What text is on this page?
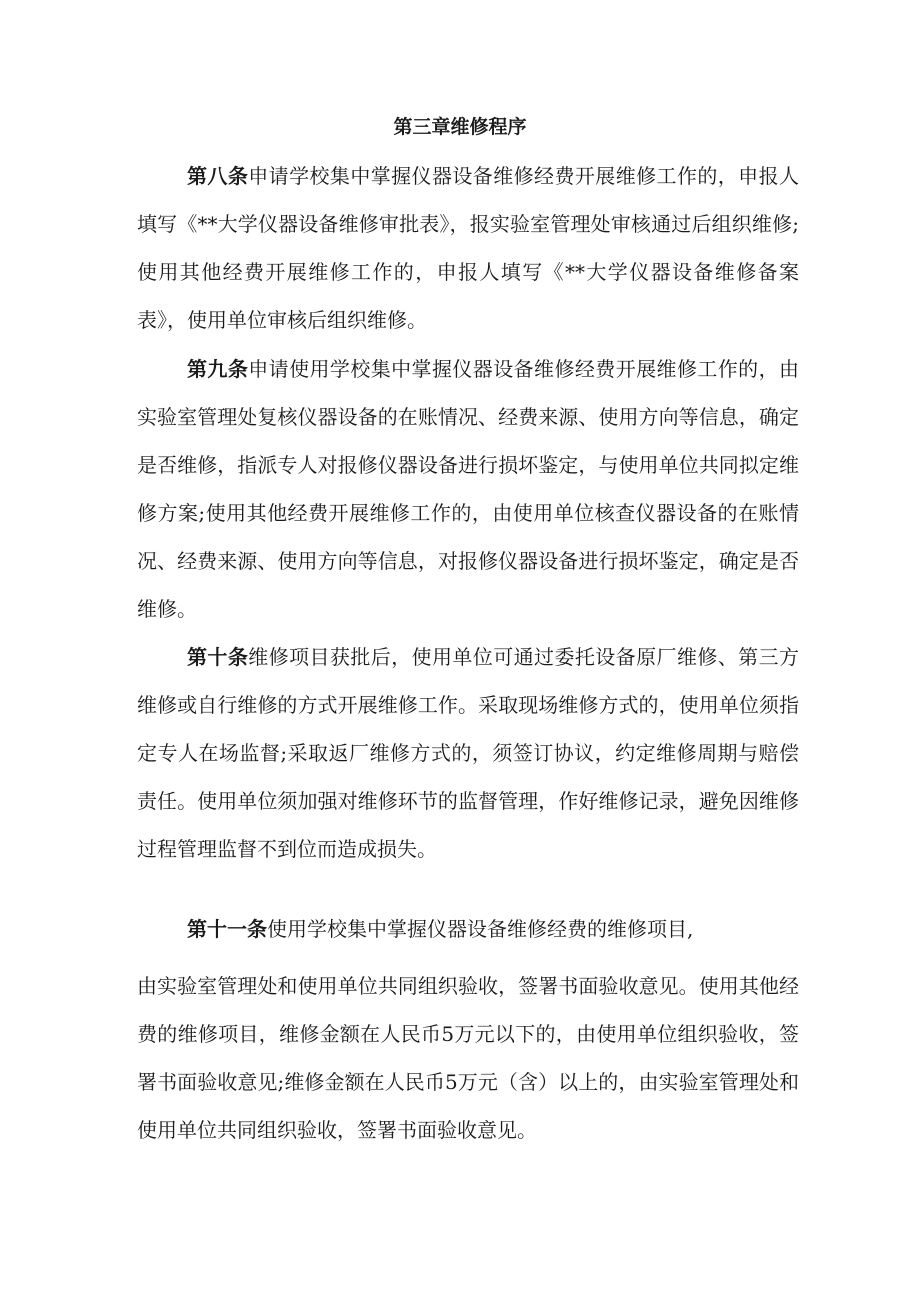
第三章维修程序

第八条申请学校集中掌握仪器设备维修经费开展维修工作的，申报人填写《**大学仪器设备维修审批表》，报实验室管理处审核通过后组织维修;使用其他经费开展维修工作的，申报人填写《**大学仪器设备维修备案表》，使用单位审核后组织维修。

第九条申请使用学校集中掌握仪器设备维修经费开展维修工作的，由实验室管理处复核仪器设备的在账情况、经费来源、使用方向等信息，确定是否维修，指派专人对报修仪器设备进行损坏鉴定，与使用单位共同拟定维修方案;使用其他经费开展维修工作的，由使用单位核查仪器设备的在账情况、经费来源、使用方向等信息，对报修仪器设备进行损坏鉴定，确定是否维修。

第十条维修项目获批后，使用单位可通过委托设备原厂维修、第三方维修或自行维修的方式开展维修工作。采取现场维修方式的，使用单位须指定专人在场监督;采取返厂维修方式的，须签订协议，约定维修周期与赔偿责任。使用单位须加强对维修环节的监督管理，作好维修记录，避免因维修过程管理监督不到位而造成损失。

第十一条使用学校集中掌握仪器设备维修经费的维修项目,

由实验室管理处和使用单位共同组织验收，签署书面验收意见。使用其他经费的维修项目，维修金额在人民币5万元以下的，由使用单位组织验收，签署书面验收意见;维修金额在人民币5万元（含）以上的，由实验室管理处和使用单位共同组织验收，签署书面验收意见。
